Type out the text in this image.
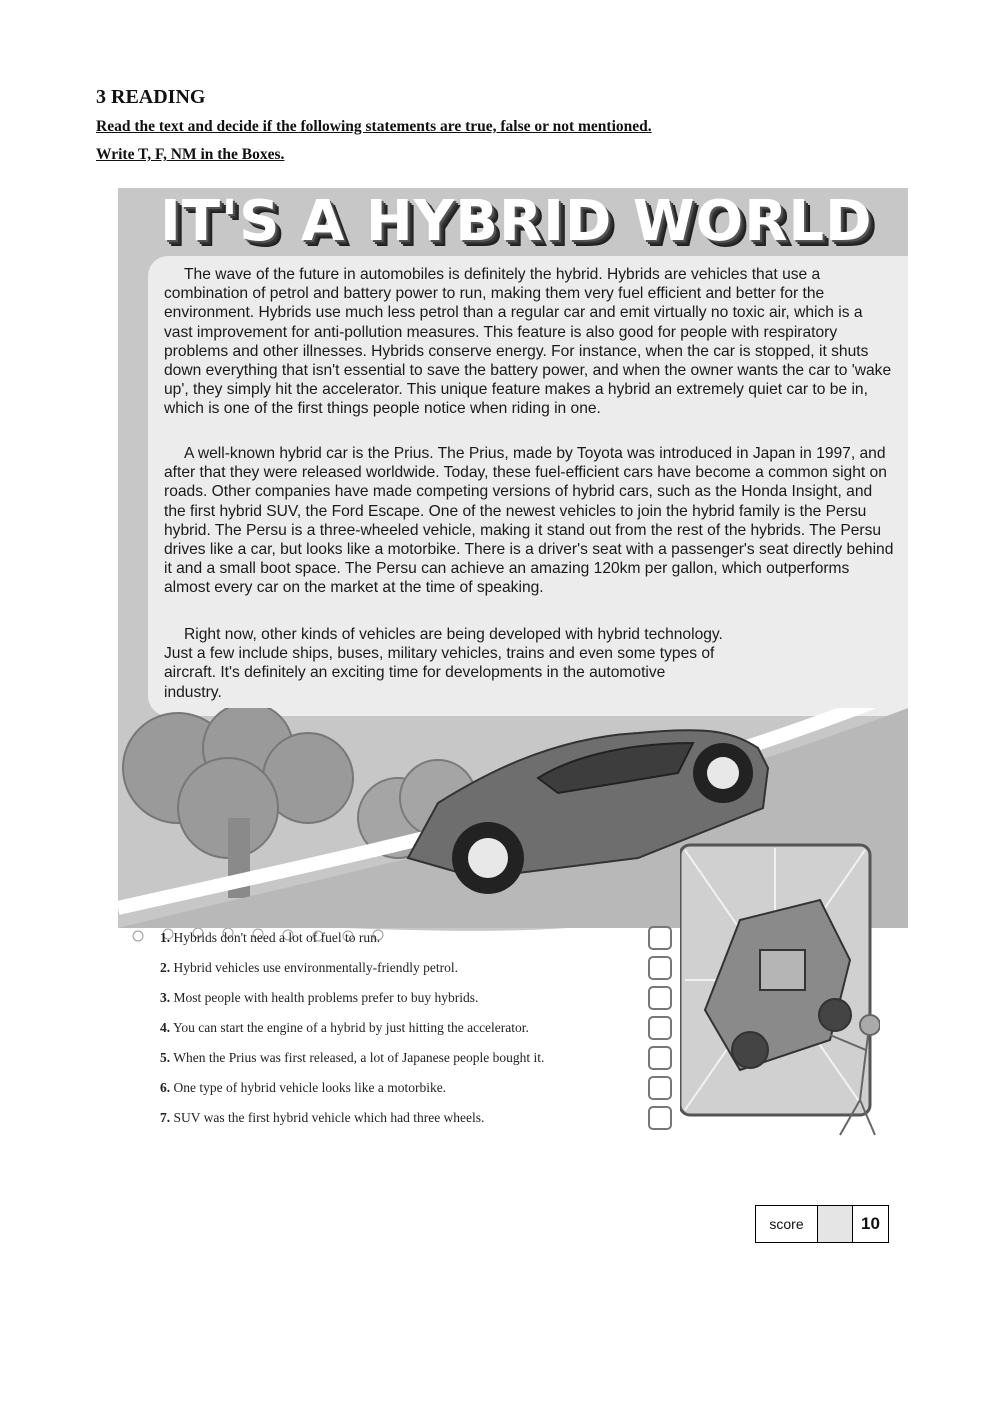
3 READING
Read the text and decide if the following statements are true, false or not mentioned.
Write T, F, NM in the Boxes.
IT'S A HYBRID WORLD

The wave of the future in automobiles is definitely the hybrid. Hybrids are vehicles that use a combination of petrol and battery power to run, making them very fuel efficient and better for the environment. Hybrids use much less petrol than a regular car and emit virtually no toxic air, which is a vast improvement for anti-pollution measures. This feature is also good for people with respiratory problems and other illnesses. Hybrids conserve energy. For instance, when the car is stopped, it shuts down everything that isn't essential to save the battery power, and when the owner wants the car to 'wake up', they simply hit the accelerator. This unique feature makes a hybrid an extremely quiet car to be in, which is one of the first things people notice when riding in one.

A well-known hybrid car is the Prius. The Prius, made by Toyota was introduced in Japan in 1997, and after that they were released worldwide. Today, these fuel-efficient cars have become a common sight on roads. Other companies have made competing versions of hybrid cars, such as the Honda Insight, and the first hybrid SUV, the Ford Escape. One of the newest vehicles to join the hybrid family is the Persu hybrid. The Persu is a three-wheeled vehicle, making it stand out from the rest of the hybrids. The Persu drives like a car, but looks like a motorbike. There is a driver's seat with a passenger's seat directly behind it and a small boot space. The Persu can achieve an amazing 120km per gallon, which outperforms almost every car on the market at the time of speaking.

Right now, other kinds of vehicles are being developed with hybrid technology. Just a few include ships, buses, military vehicles, trains and even some types of aircraft. It's definitely an exciting time for developments in the automotive industry.

1. Hybrids don't need a lot of fuel to run.
2. Hybrid vehicles use environmentally-friendly petrol.
3. Most people with health problems prefer to buy hybrids.
4. You can start the engine of a hybrid by just hitting the accelerator.
5. When the Prius was first released, a lot of Japanese people bought it.
6. One type of hybrid vehicle looks like a motorbike.
7. SUV was the first hybrid vehicle which had three wheels.
score	10
